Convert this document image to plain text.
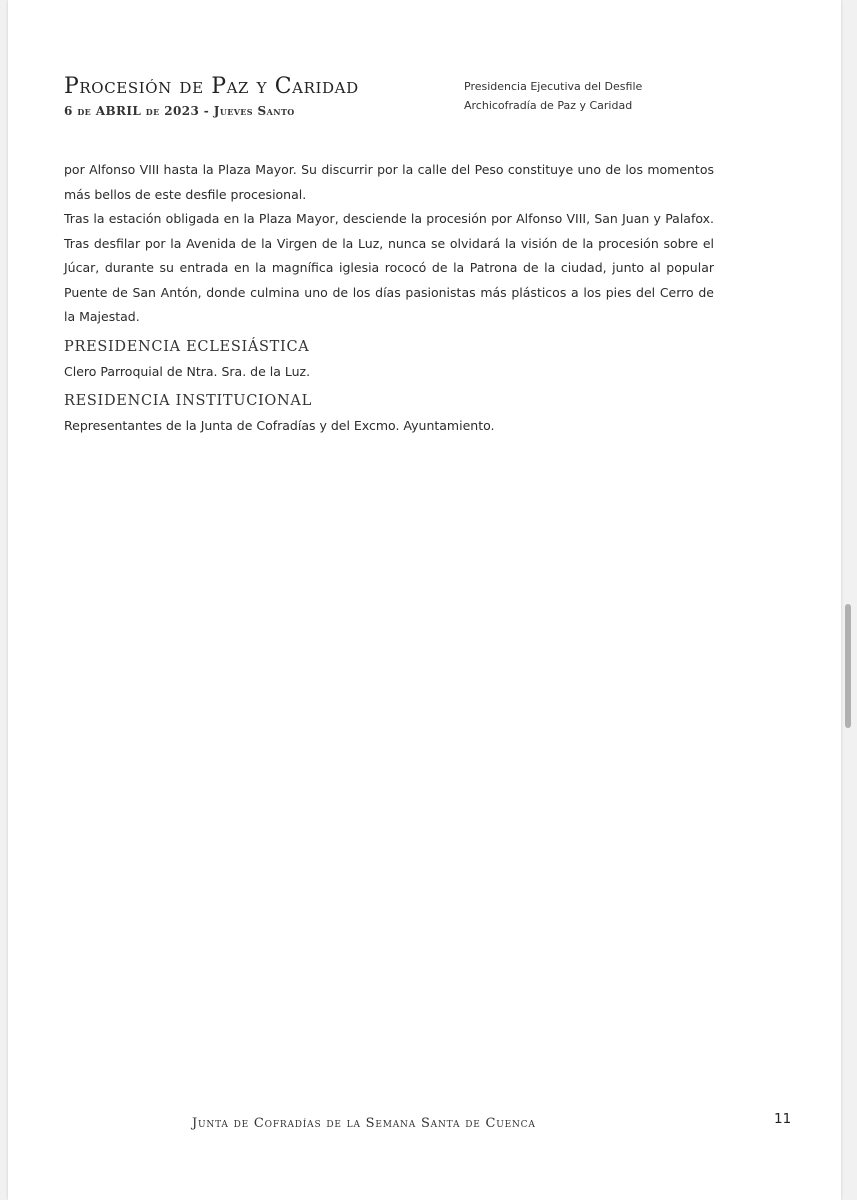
Procesión de Paz y Caridad
6 de ABRIL de 2023 - Jueves Santo
Presidencia Ejecutiva del Desfile
Archicofradía de Paz y Caridad

por Alfonso VIII hasta la Plaza Mayor. Su discurrir por la calle del Peso constituye uno de los momentos más bellos de este desfile procesional.

Tras la estación obligada en la Plaza Mayor, desciende la procesión por Alfonso VIII, San Juan y Palafox. Tras desfilar por la Avenida de la Virgen de la Luz, nunca se olvidará la visión de la procesión sobre el Júcar, durante su entrada en la magnífica iglesia rococó de la Patrona de la ciudad, junto al popular Puente de San Antón, donde culmina uno de los días pasionistas más plásticos a los pies del Cerro de la Majestad.

PRESIDENCIA ECLESIÁSTICA

Clero Parroquial de Ntra. Sra. de la Luz.

RESIDENCIA INSTITUCIONAL

Representantes de la Junta de Cofradías y del Excmo. Ayuntamiento.

Junta de Cofradías de la Semana Santa de Cuenca	11
